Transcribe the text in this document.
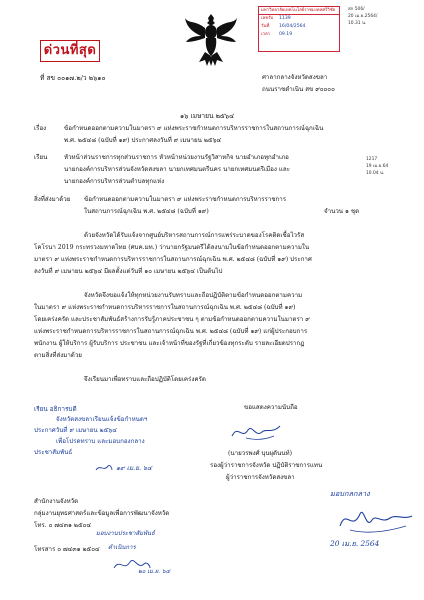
ด่วนที่สุด
มหาวิทยาลัยเทคโนโลยีราชมงคลศรีวิชัย
เลขรับ	1139
วันที่	16/04/2564
เวลา	09.19
สก 506/
20 เม.ย.2564/
10.31 น.
ที่ สข ๐๐๑๗.๒/ว ๒๖๑๐	ศาลากลางจังหวัดสงขลา
ถนนราชดำเนิน สข ๙๐๐๐๐
๑๖ เมษายน ๒๕๖๔
เรื่อง	ข้อกำหนดออกตามความในมาตรา ๙ แห่งพระราชกำหนดการบริหารราชการในสถานการณ์ฉุกเฉิน
พ.ศ. ๒๕๔๘ (ฉบับที่ ๑๙) ประกาศลงวันที่ ๙ เมษายน ๒๕๖๔
เรียน	หัวหน้าส่วนราชการทุกส่วนราชการ หัวหน้าหน่วยงานรัฐวิสาหกิจ นายอำเภอทุกอำเภอ
นายกองค์การบริหารส่วนจังหวัดสงขลา นายกเทศมนตรีนคร นายกเทศมนตรีเมือง และ
นายกองค์การบริหารส่วนตำบลทุกแห่ง
1217
19 เม.ย.64
10.04 น.
สิ่งที่ส่งมาด้วย ข้อกำหนดออกตามความในมาตรา ๙ แห่งพระราชกำหนดการบริหารราชการ
ในสถานการณ์ฉุกเฉิน พ.ศ. ๒๕๔๘ (ฉบับที่ ๑๙)	จำนวน ๑ ชุด
ด้วยจังหวัดได้รับแจ้งจากศูนย์บริหารสถานการณ์การแพร่ระบาดของโรคติดเชื้อไวรัส
โคโรนา 2019 กระทรวงมหาดไทย (ศบค.มท.) ว่านายกรัฐมนตรีได้ลงนามในข้อกำหนดออกตามความใน
มาตรา ๙ แห่งพระราชกำหนดการบริหารราชการในสถานการณ์ฉุกเฉิน พ.ศ. ๒๕๔๘ (ฉบับที่ ๑๙) ประกาศ
ลงวันที่ ๙ เมษายน ๒๕๖๔ มีผลตั้งแต่วันที่ ๑๐ เมษายน ๒๕๖๔ เป็นต้นไป
จังหวัดจึงขอแจ้งให้ทุกหน่วยงานรับทราบและถือปฏิบัติตามข้อกำหนดออกตามความ
ในมาตรา ๙ แห่งพระราชกำหนดการบริหารราชการในสถานการณ์ฉุกเฉิน พ.ศ. ๒๕๔๘ (ฉบับที่ ๑๙)
โดยเคร่งครัด และประชาสัมพันธ์สร้างการรับรู้ภาคประชาชน ๆ ตามข้อกำหนดออกตามความในมาตรา ๙
แห่งพระราชกำหนดการบริหารราชการในสถานการณ์ฉุกเฉิน พ.ศ. ๒๕๔๘ (ฉบับที่ ๑๙) แก่ผู้ประกอบการ
พนักงาน ผู้ให้บริการ ผู้รับบริการ ประชาชน และเจ้าหน้าที่ของรัฐที่เกี่ยวข้องทุกระดับ รายละเอียดปรากฏ
ตามสิ่งที่ส่งมาด้วย
จึงเรียนมาเพื่อทราบและถือปฏิบัติโดยเคร่งครัด
เรียน อธิการบดี
จังหวัดสงขลาเรียนแจ้งข้อกำหนดฯ
ประกาศวันที่ ๙ เมษายน ๒๕๖๔
เพื่อโปรดทราบ และมอบกองกลาง
ประชาสัมพันธ์
ขอแสดงความนับถือ
(นายวรพงศ์ บุบผุดันนท์)
รองผู้ว่าราชการจังหวัด ปฏิบัติราชการแทน
ผู้ว่าราชการจังหวัดสงขลา
๑๙ เม.ย. ๖๔
สำนักงานจังหวัด
กลุ่มงานยุทธศาสตร์และข้อมูลเพื่อการพัฒนาจังหวัด
โทร. ๐ ๗๔๓๑ ๒๕๐๔
โทรสาร ๐ ๗๔๓๑ ๒๕๐๔
มอบงานประชาสัมพันธ์
ดำเนินการ
๒๐ เม.ย. ๖๔
มอบกลกลาง
20 เม.ย. 2564
